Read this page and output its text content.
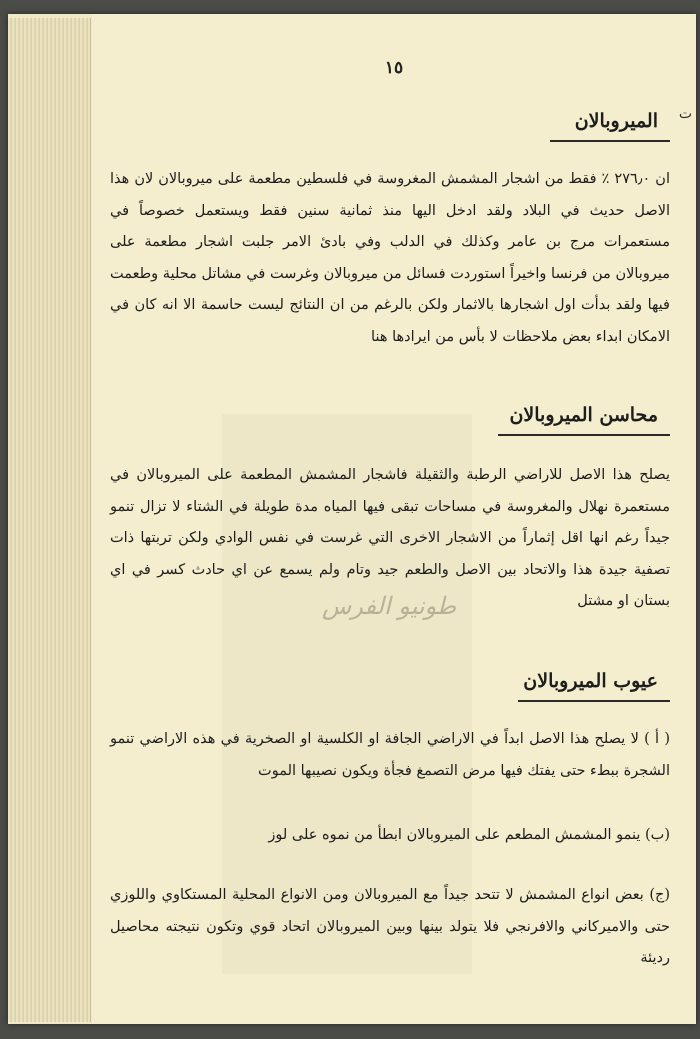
١٥
ت
الميروبالان
ان ٢٧٦٫٠ ٪ فقط من اشجار المشمش المغروسة في فلسطين مطعمة على ميروبالان لان هذا الاصل حديث في البلاد ولقد ادخل اليها منذ ثمانية سنين فقط ويستعمل خصوصاً في مستعمرات مرج بن عامر وكذلك في الدلب وفي بادئ الامر جلبت اشجار مطعمة على ميروبالان من فرنسا واخيراً استوردت فسائل من ميروبالان وغرست في مشاتل محلية وطعمت فيها ولقد بدأت اول اشجارها بالاثمار ولكن بالرغم من ان النتائج ليست حاسمة الا انه كان في الامكان ابداء بعض ملاحظات لا بأس من ايرادها هنا
محاسن الميروبالان
يصلح هذا الاصل للاراضي الرطبة والثقيلة فاشجار المشمش المطعمة على الميروبالان في مستعمرة نهلال والمغروسة في مساحات تبقى فيها المياه مدة طويلة في الشتاء لا تزال تنمو جيداً رغم انها اقل إثماراً من الاشجار الاخرى التي غرست في نفس الوادي ولكن تربتها ذات تصفية جيدة هذا والاتحاد بين الاصل والطعم جيد وتام ولم يسمع عن اي حادث كسر في اي بستان او مشتل
طونيو الفرس
عيوب الميروبالان
( أ ) لا يصلح هذا الاصل ابداً في الاراضي الجافة او الكلسية او الصخرية في هذه الاراضي تنمو الشجرة ببطء حتى يفتك فيها مرض التصمغ فجأة ويكون نصيبها الموت
(ب) ينمو المشمش المطعم على الميروبالان ابطأ من نموه على لوز
(ج) بعض انواع المشمش لا تتحد جيداً مع الميروبالان ومن الانواع المحلية المستكاوي واللوزي حتى والاميركاني والافرنجي فلا يتولد بينها وبين الميروبالان اتحاد قوي وتكون نتيجته محاصيل رديئة
